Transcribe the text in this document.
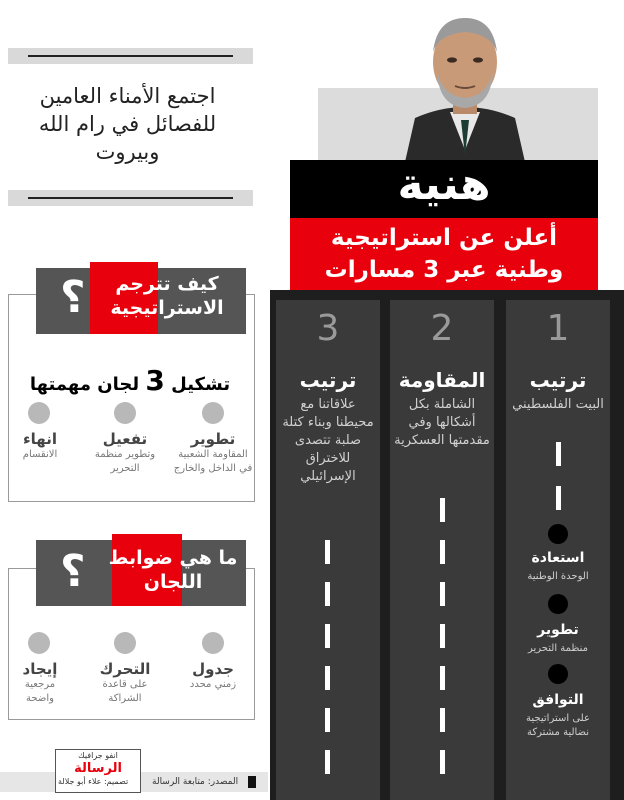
اجتمع الأمناء العامين للفصائل في رام الله وبيروت
هنية
أعلن عن استراتيجية وطنية عبر 3 مسارات
1
2
3
ترتيب
المقاومة
ترتيب
البيت الفلسطيني
الشاملة بكل أشكالها وفي مقدمتها العسكرية
علاقاتنا مع محيطنا وبناء كتلة صلبة تتصدى للاختراق الإسرائيلي
استعادة
الوحدة الوطنية
تطوير
منظمة التحرير
التوافق
على استراتيجية نضالية مشتركة
كيف تترجم الاستراتيجية
؟
تشكيل 3 لجان مهمتها
تطوير
المقاومة الشعبية في الداخل والخارج
تفعيل
وتطوير منظمة التحرير
انهاء
الانقسام
ما هي ضوابط اللجان
؟
جدول
زمني محدد
التحرك
على قاعدة الشراكة
إيجاد
مرجعية واضحة
المصدر: متابعة الرسالة
انفو جرافيك
الرسالة
تصميم: علاء أبو جلالة
